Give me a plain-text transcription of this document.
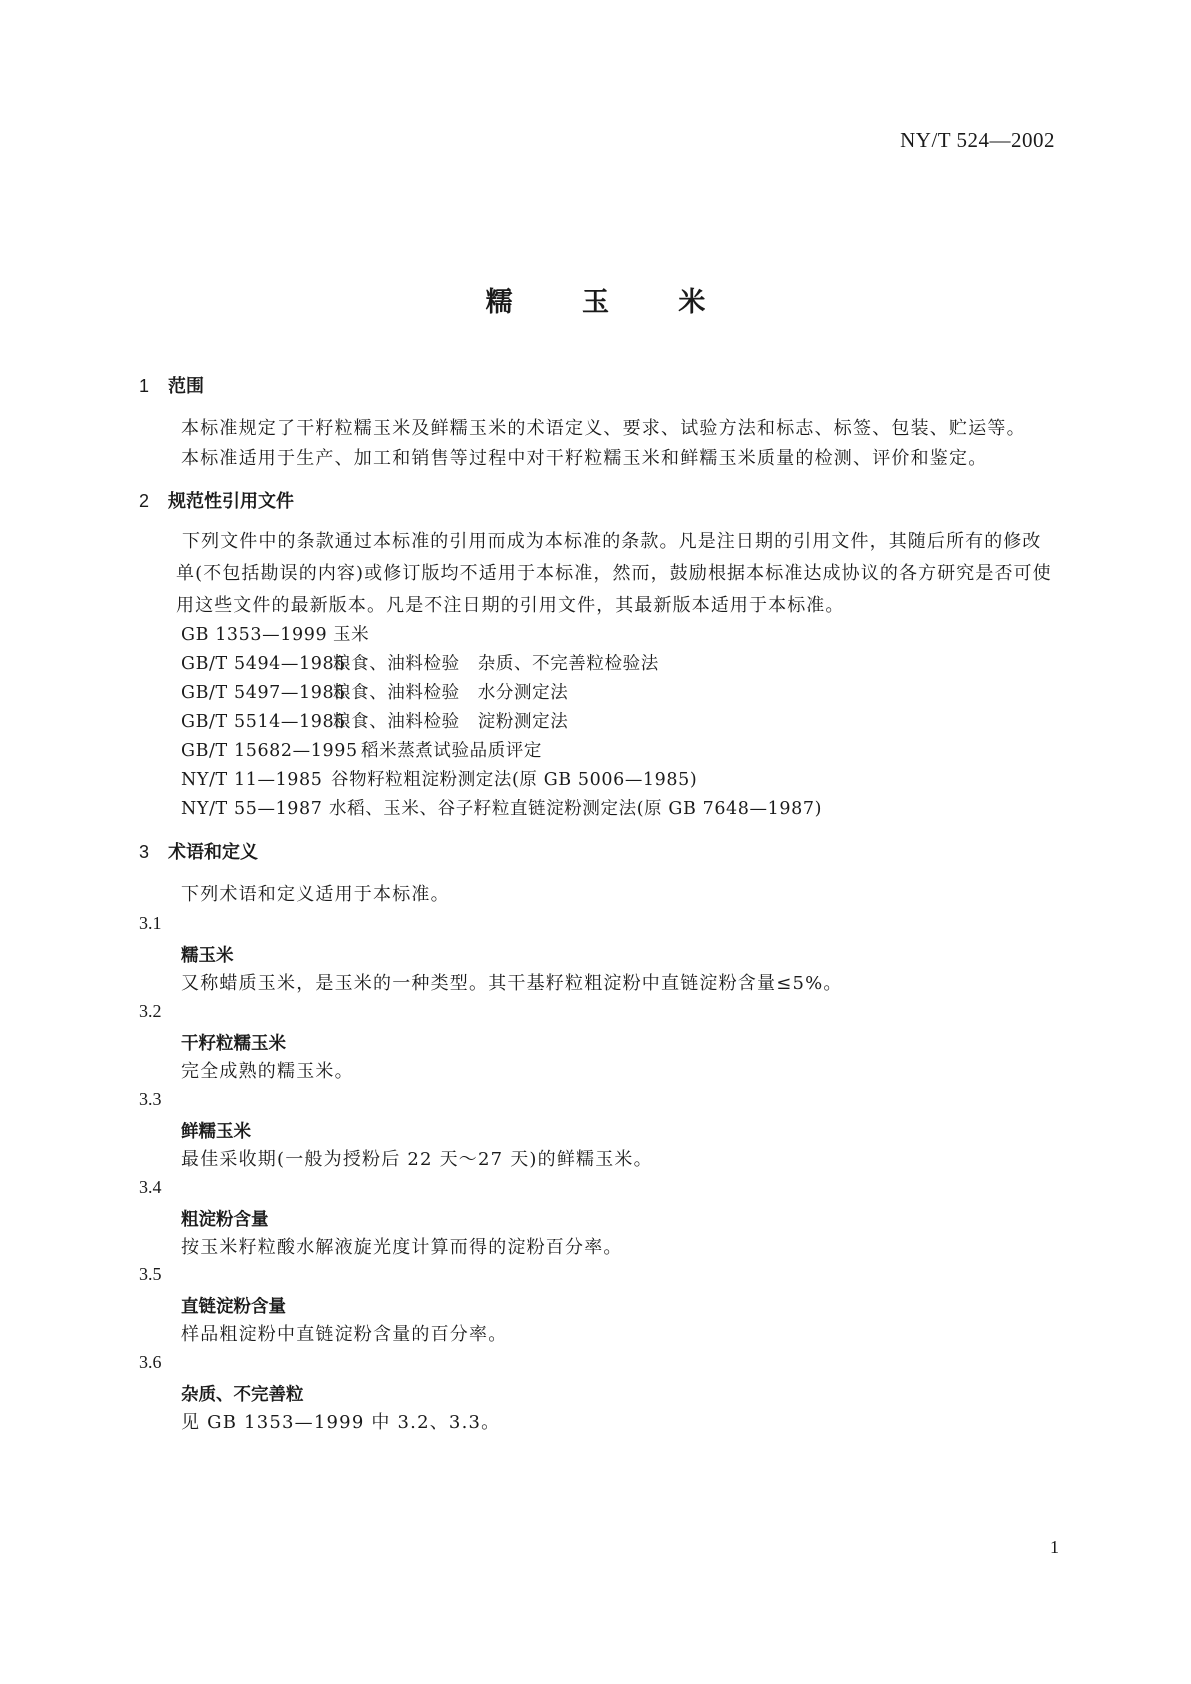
NY/T 524—2002
糯 玉 米
1 范围
本标准规定了干籽粒糯玉米及鲜糯玉米的术语定义、要求、试验方法和标志、标签、包装、贮运等。
本标准适用于生产、加工和销售等过程中对干籽粒糯玉米和鲜糯玉米质量的检测、评价和鉴定。
2 规范性引用文件
下列文件中的条款通过本标准的引用而成为本标准的条款。凡是注日期的引用文件，其随后所有的修改单(不包括勘误的内容)或修订版均不适用于本标准，然而，鼓励根据本标准达成协议的各方研究是否可使用这些文件的最新版本。凡是不注日期的引用文件，其最新版本适用于本标准。
GB 1353—1999 玉米
GB/T 5494—1985粮食、油料检验　杂质、不完善粒检验法
GB/T 5497—1985粮食、油料检验　水分测定法
GB/T 5514—1985粮食、油料检验　淀粉测定法
GB/T 15682—1995 稻米蒸煮试验品质评定
NY/T 11—1985 谷物籽粒粗淀粉测定法(原 GB 5006—1985)
NY/T 55—1987 水稻、玉米、谷子籽粒直链淀粉测定法(原 GB 7648—1987)
3 术语和定义
下列术语和定义适用于本标准。
3.1
糯玉米
又称蜡质玉米，是玉米的一种类型。其干基籽粒粗淀粉中直链淀粉含量≤5%。
3.2
干籽粒糯玉米
完全成熟的糯玉米。
3.3
鲜糯玉米
最佳采收期(一般为授粉后 22 天～27 天)的鲜糯玉米。
3.4
粗淀粉含量
按玉米籽粒酸水解液旋光度计算而得的淀粉百分率。
3.5
直链淀粉含量
样品粗淀粉中直链淀粉含量的百分率。
3.6
杂质、不完善粒
见 GB 1353—1999 中 3.2、3.3。
1
